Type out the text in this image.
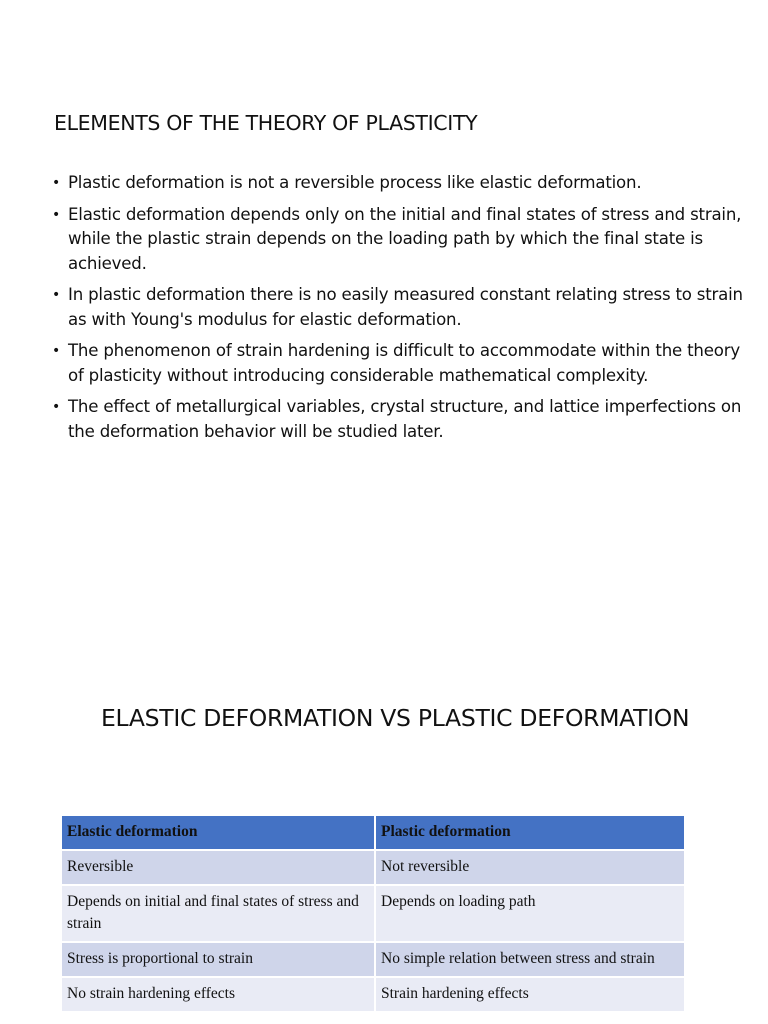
ELEMENTS OF THE THEORY OF PLASTICITY
• Plastic deformation is not a reversible process like elastic deformation.
• Elastic deformation depends only on the initial and final states of stress and strain, while the plastic strain depends on the loading path by which the final state is achieved.
• In plastic deformation there is no easily measured constant relating stress to strain as with Young's modulus for elastic deformation.
• The phenomenon of strain hardening is difficult to accommodate within the theory of plasticity without introducing considerable mathematical complexity.
• The effect of metallurgical variables, crystal structure, and lattice imperfections on the deformation behavior will be studied later.
ELASTIC DEFORMATION VS PLASTIC DEFORMATION
Elastic deformation	Plastic deformation
Reversible	Not reversible
Depends on initial and final states of stress and strain	Depends on loading path
Stress is proportional to strain	No simple relation between stress and strain
No strain hardening effects	Strain hardening effects
